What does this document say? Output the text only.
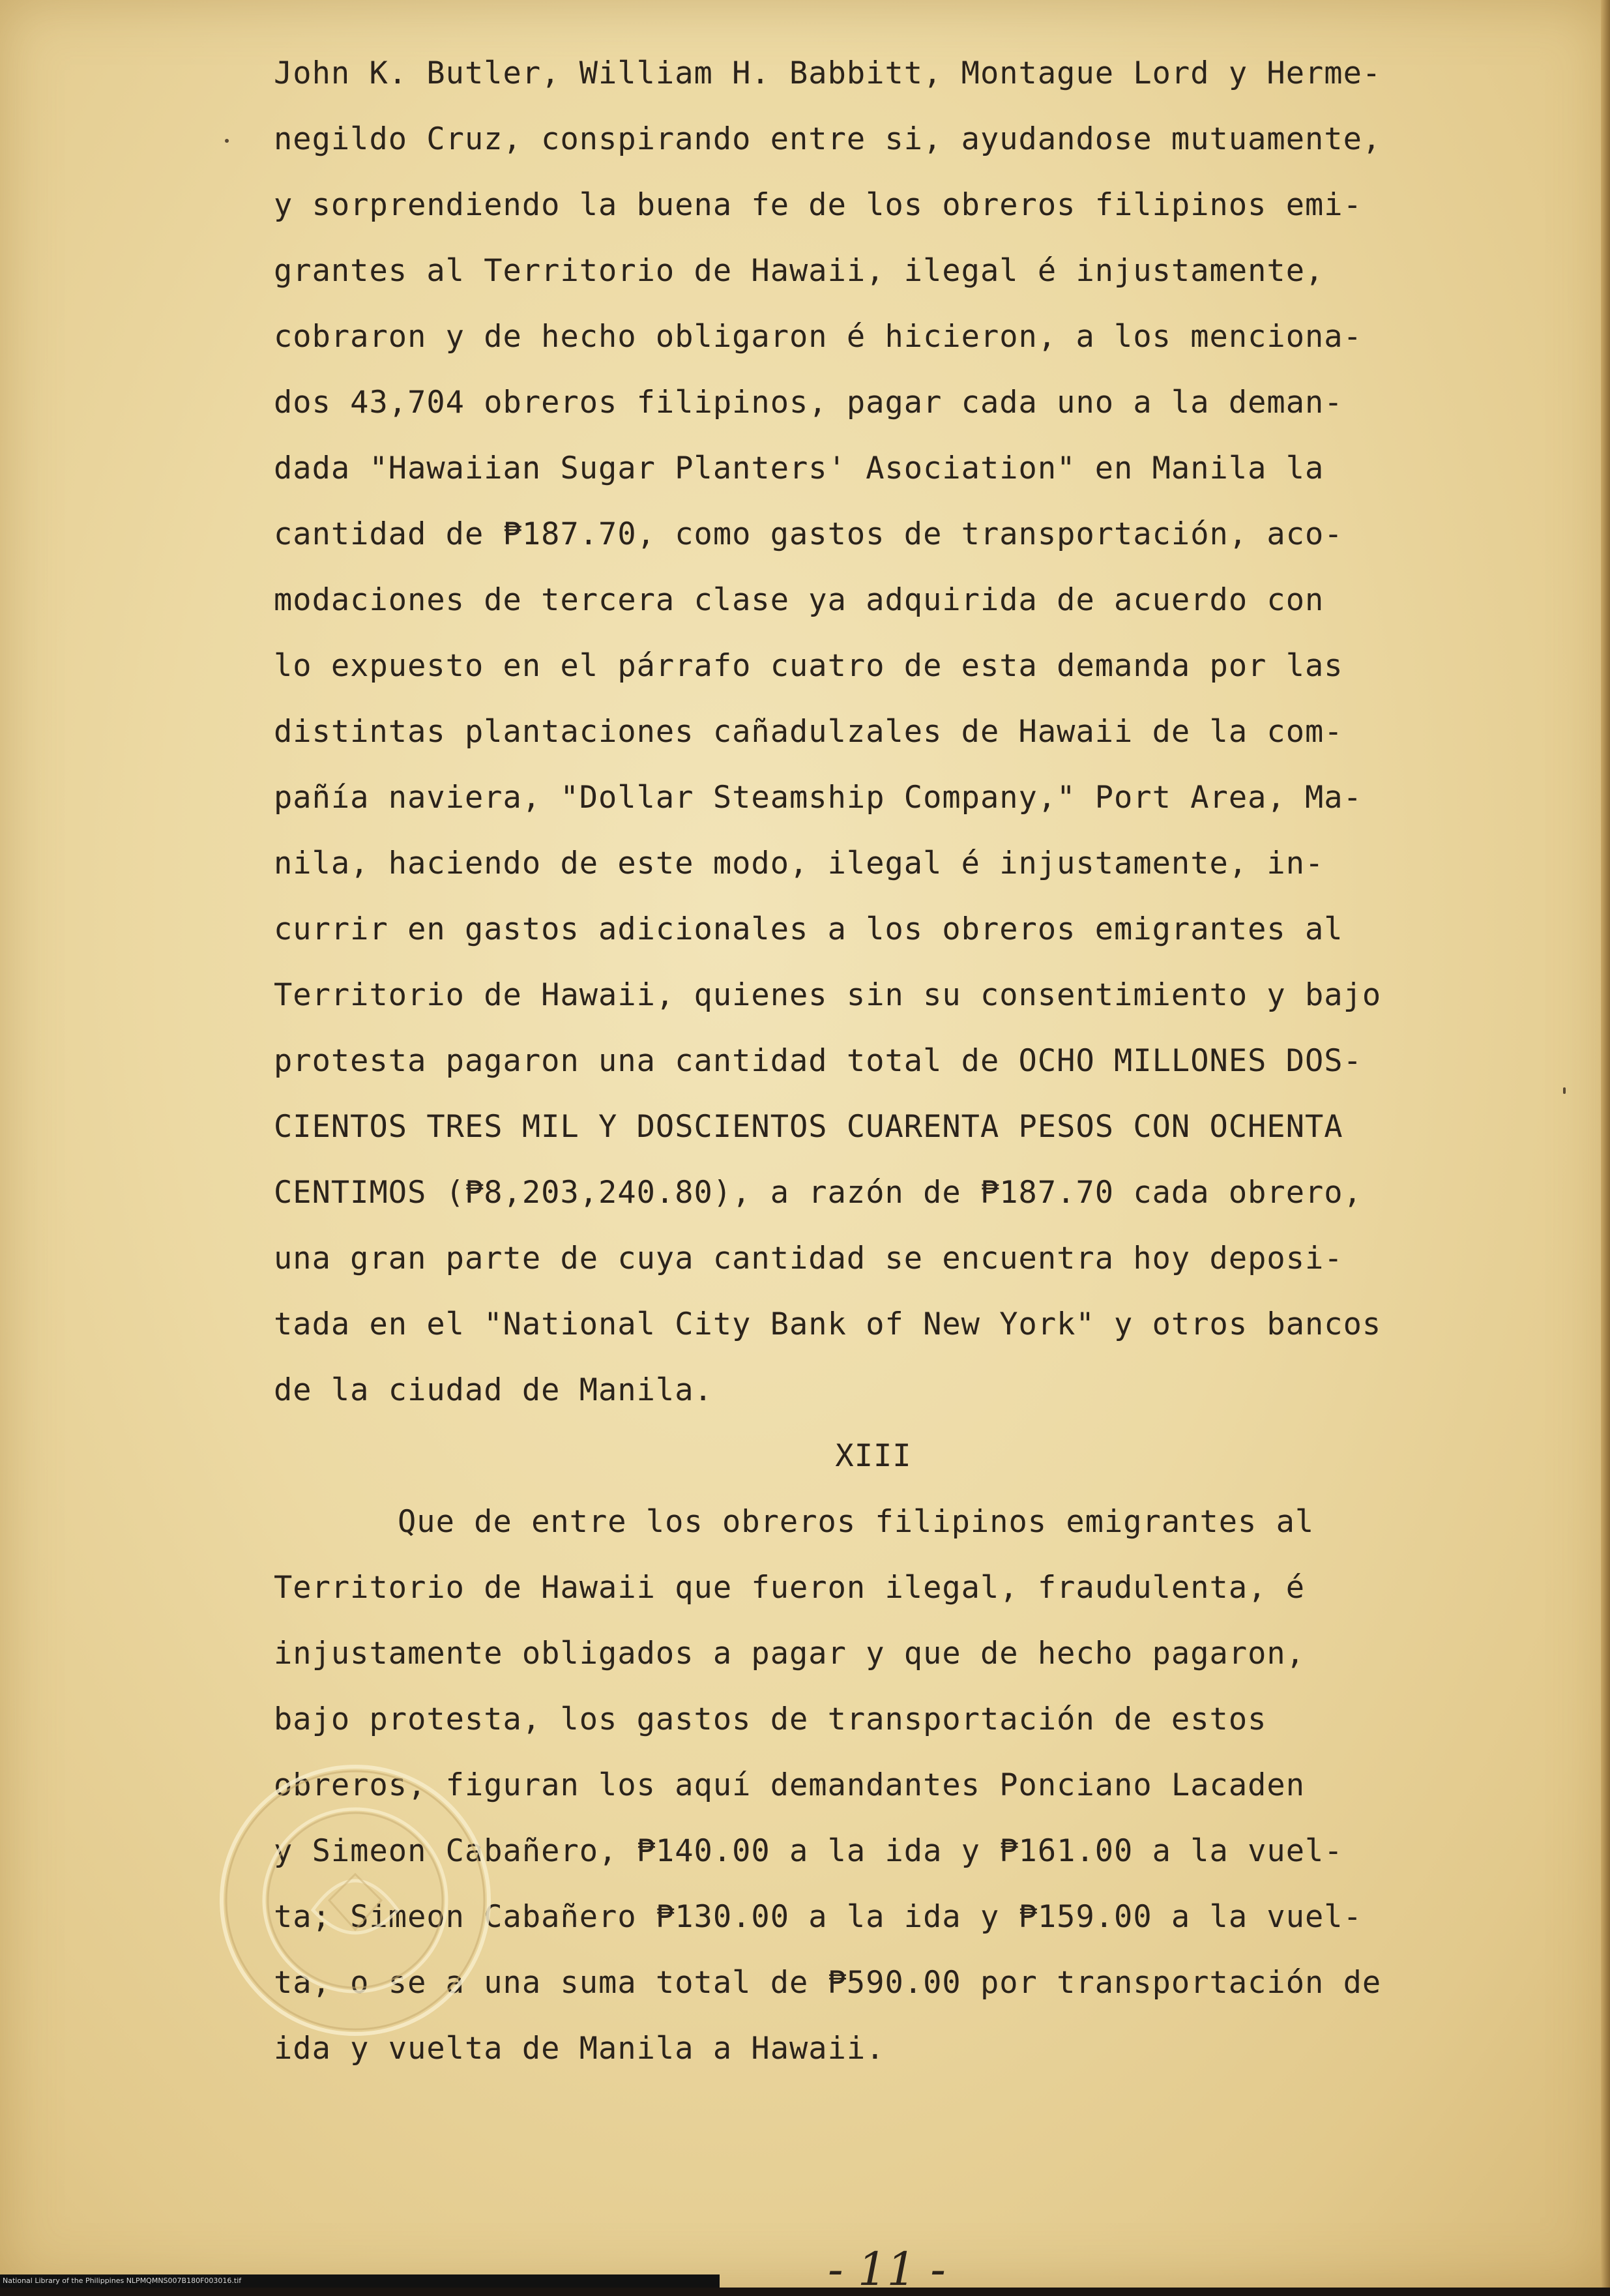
John K. Butler, William H. Babbitt, Montague Lord y Herme-
negildo Cruz, conspirando entre si, ayudandose mutuamente,
y sorprendiendo la buena fe de los obreros filipinos emi-
grantes al Territorio de Hawaii, ilegal é injustamente,
cobraron y de hecho obligaron é hicieron, a los menciona-
dos 43,704 obreros filipinos, pagar cada uno a la deman-
dada "Hawaiian Sugar Planters' Asociation" en Manila la
cantidad de ₱187.70, como gastos de transportación, aco-
modaciones de tercera clase ya adquirida de acuerdo con
lo expuesto en el párrafo cuatro de esta demanda por las
distintas plantaciones cañadulzales de Hawaii de la com-
pañía naviera, "Dollar Steamship Company," Port Area, Ma-
nila, haciendo de este modo, ilegal é injustamente, in-
currir en gastos adicionales a los obreros emigrantes al
Territorio de Hawaii, quienes sin su consentimiento y bajo
protesta pagaron una cantidad total de OCHO MILLONES DOS-
CIENTOS TRES MIL Y DOSCIENTOS CUARENTA PESOS CON OCHENTA
CENTIMOS (₱8,203,240.80), a razón de ₱187.70 cada obrero,
una gran parte de cuya cantidad se encuentra hoy deposi-
tada en el "National City Bank of New York" y otros bancos
de la ciudad de Manila.
XIII
Que de entre los obreros filipinos emigrantes al
Territorio de Hawaii que fueron ilegal, fraudulenta, é
injustamente obligados a pagar y que de hecho pagaron,
bajo protesta, los gastos de transportación de estos
obreros, figuran los aquí demandantes Ponciano Lacaden
y Simeon Cabañero, ₱140.00 a la ida y ₱161.00 a la vuel-
ta; Simeon Cabañero ₱130.00 a la ida y ₱159.00 a la vuel-
ta, o se a una suma total de ₱590.00 por transportación de
ida y vuelta de Manila a Hawaii.
- 11 -
National Library of the Philippines NLPMQMNS007B180F003016.tif
